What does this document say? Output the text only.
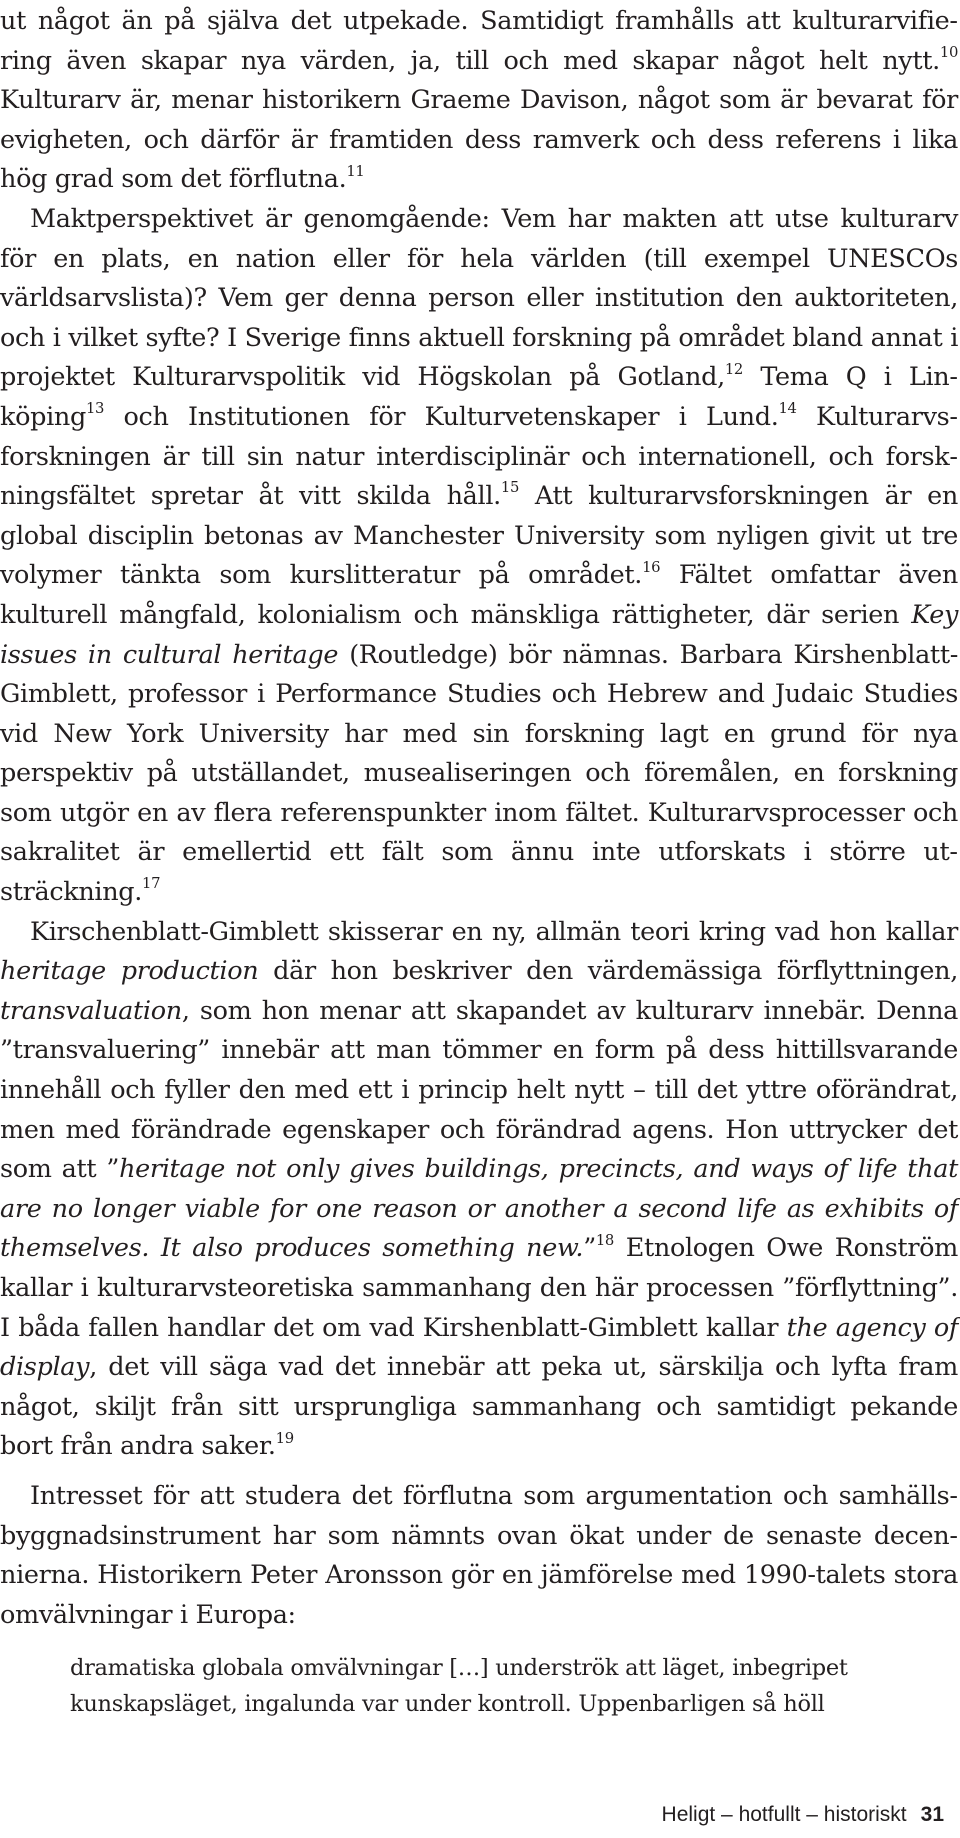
ut något än på själva det utpekade. Samtidigt framhålls att kulturarvifiering även skapar nya värden, ja, till och med skapar något helt nytt.$^{10}$ Kulturarv är, menar historikern Graeme Davison, något som är bevarat för evigheten, och därför är framtiden dess ramverk och dess referens i lika hög grad som det förflutna.$^{11}$

Maktperspektivet är genomgående: Vem har makten att utse kulturarv för en plats, en nation eller för hela världen (till exempel UNESCOs världsarvslista)? Vem ger denna person eller institution den auktoriteten, och i vilket syfte? I Sverige finns aktuell forskning på området bland annat i projektet Kulturarvspolitik vid Högskolan på Gotland,$^{12}$ Tema Q i Linköping$^{13}$ och Institutionen för Kulturvetenskaper i Lund.$^{14}$ Kulturarvsforskningen är till sin natur interdisciplinär och internationell, och forskningsfältet spretar åt vitt skilda håll.$^{15}$ Att kulturarvsforskningen är en global disciplin betonas av Manchester University som nyligen givit ut tre volymer tänkta som kurslitteratur på området.$^{16}$ Fältet omfattar även kulturell mångfald, kolonialism och mänskliga rättigheter, där serien Key issues in cultural heritage (Routledge) bör nämnas. Barbara Kirshenblatt-Gimblett, professor i Performance Studies och Hebrew and Judaic Studies vid New York University har med sin forskning lagt en grund för nya perspektiv på utställandet, musealiseringen och föremålen, en forskning som utgör en av flera referenspunkter inom fältet. Kulturarvsprocesser och sakralitet är emellertid ett fält som ännu inte utforskats i större utsträckning.$^{17}$

Kirschenblatt-Gimblett skisserar en ny, allmän teori kring vad hon kallar heritage production där hon beskriver den värdemässiga förflyttningen, transvaluation, som hon menar att skapandet av kulturarv innebär. Denna ”transvaluering” innebär att man tömmer en form på dess hittillsvarande innehåll och fyller den med ett i princip helt nytt – till det yttre oförändrat, men med förändrade egenskaper och förändrad agens. Hon uttrycker det som att ”heritage not only gives buildings, precincts, and ways of life that are no longer viable for one reason or another a second life as exhibits of themselves. It also produces something new.”$^{18}$ Etnologen Owe Ronström kallar i kulturarvsteoretiska sammanhang den här processen ”förflyttning”. I båda fallen handlar det om vad Kirshenblatt-Gimblett kallar the agency of display, det vill säga vad det innebär att peka ut, särskilja och lyfta fram något, skiljt från sitt ursprungliga sammanhang och samtidigt pekande bort från andra saker.$^{19}$

Intresset för att studera det förflutna som argumentation och samhällsbyggnadsinstrument har som nämnts ovan ökat under de senaste decennierna. Historikern Peter Aronsson gör en jämförelse med 1990-talets stora omvälvningar i Europa:

dramatiska globala omvälvningar […] underströk att läget, inbegripet kunskapsläget, ingalunda var under kontroll. Uppenbarligen så höll

Heligt – hotfullt – historiskt 31
